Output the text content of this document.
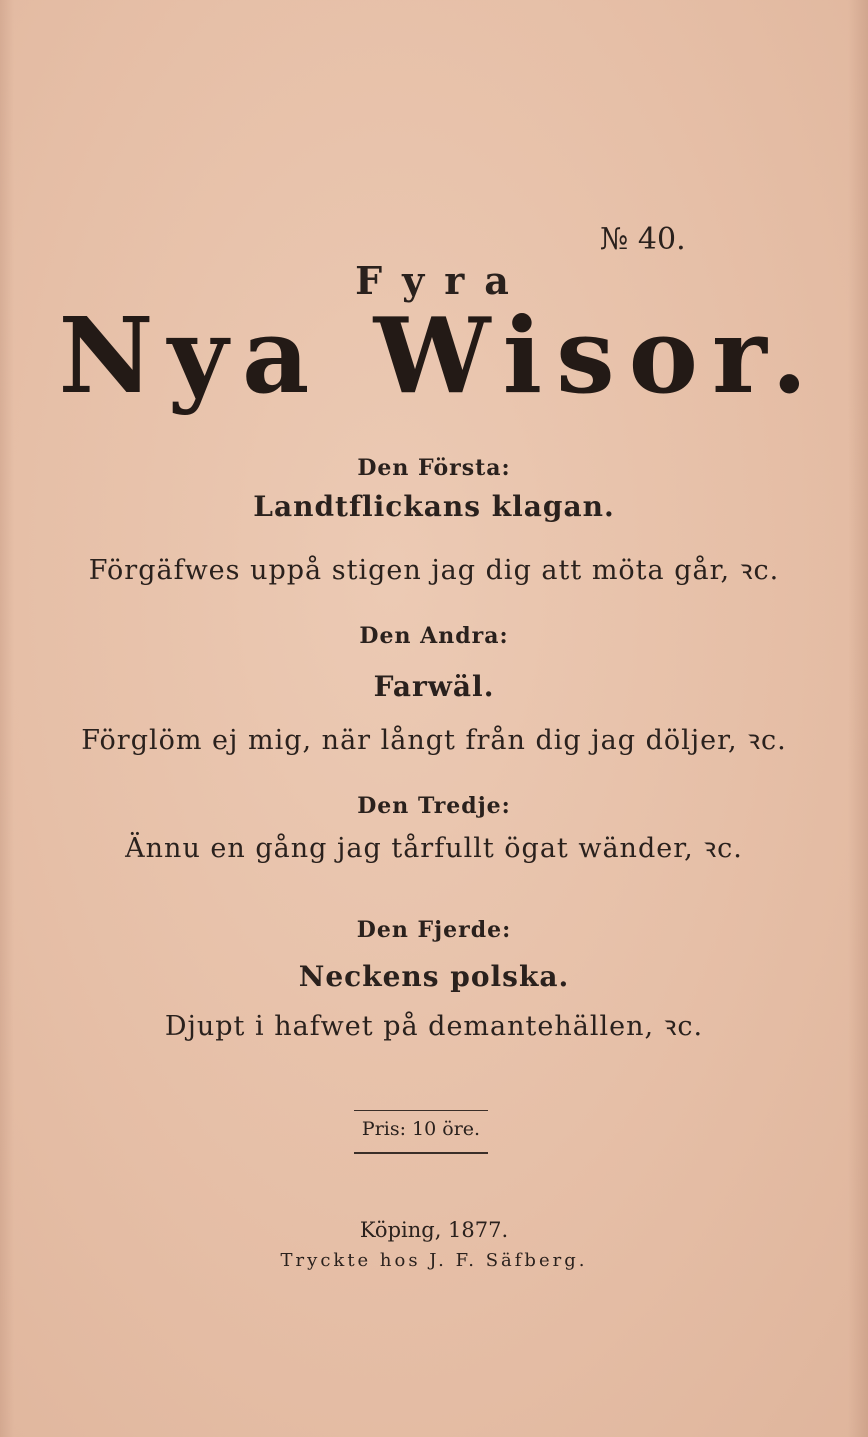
№ 40.
Fyra
Nya Wisor.
Den Första:
Landtflickans klagan.
Förgäfwes uppå stigen jag dig att möta går, ꝛc.
Den Andra:
Farwäl.
Förglöm ej mig, när långt från dig jag döljer, ꝛc.
Den Tredje:
Ännu en gång jag tårfullt ögat wänder, ꝛc.
Den Fjerde:
Neckens polska.
Djupt i hafwet på demantehällen, ꝛc.
Pris: 10 öre.
Köping, 1877.
Tryckte hos J. F. Säfberg.
